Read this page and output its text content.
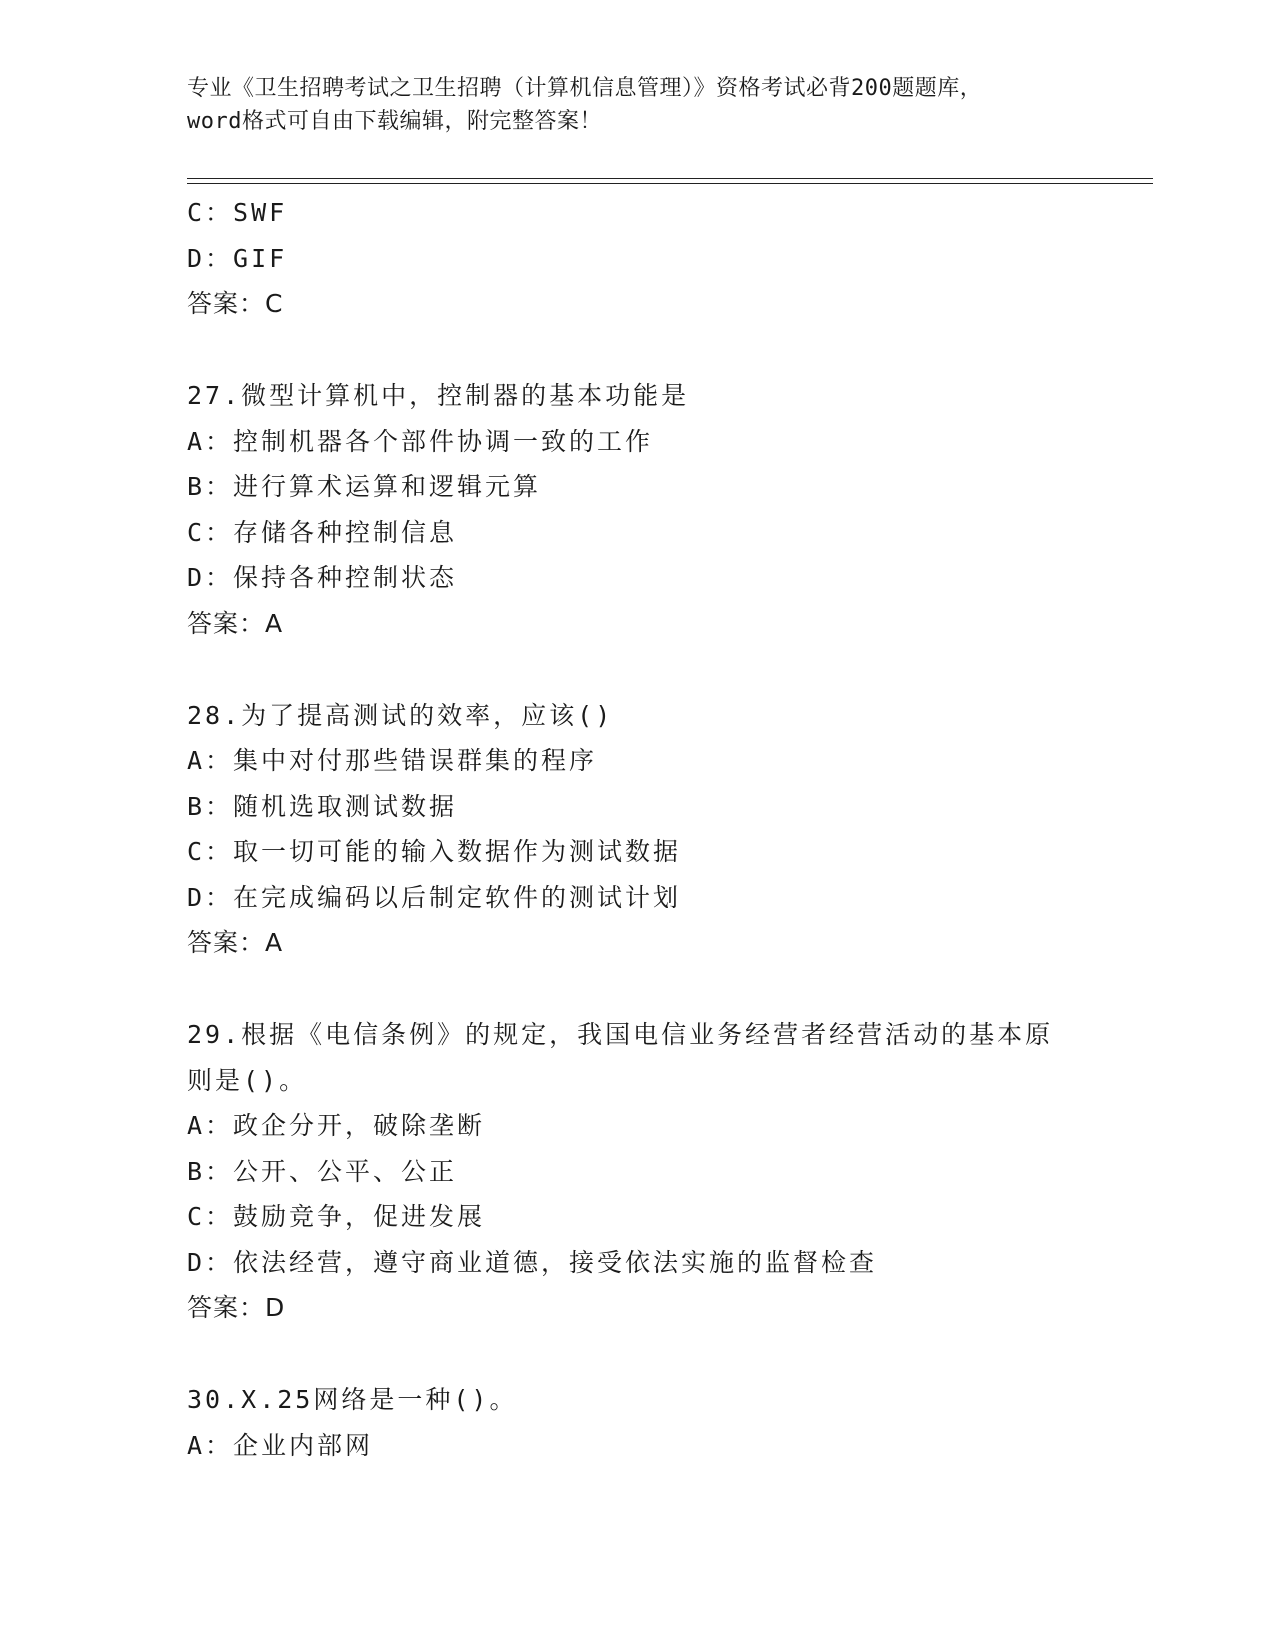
专业《卫生招聘考试之卫生招聘（计算机信息管理）》资格考试必背200题题库，
word格式可自由下载编辑，附完整答案！
C：SWF
D：GIF
答案：C
27.微型计算机中，控制器的基本功能是
A：控制机器各个部件协调一致的工作
B：进行算术运算和逻辑元算
C：存储各种控制信息
D：保持各种控制状态
答案：A
28.为了提高测试的效率，应该()
A：集中对付那些错误群集的程序
B：随机选取测试数据
C：取一切可能的输入数据作为测试数据
D：在完成编码以后制定软件的测试计划
答案：A
29.根据《电信条例》的规定，我国电信业务经营者经营活动的基本原
则是()。
A：政企分开，破除垄断
B：公开、公平、公正
C：鼓励竞争，促进发展
D：依法经营，遵守商业道德，接受依法实施的监督检查
答案：D
30.X.25网络是一种()。
A：企业内部网
